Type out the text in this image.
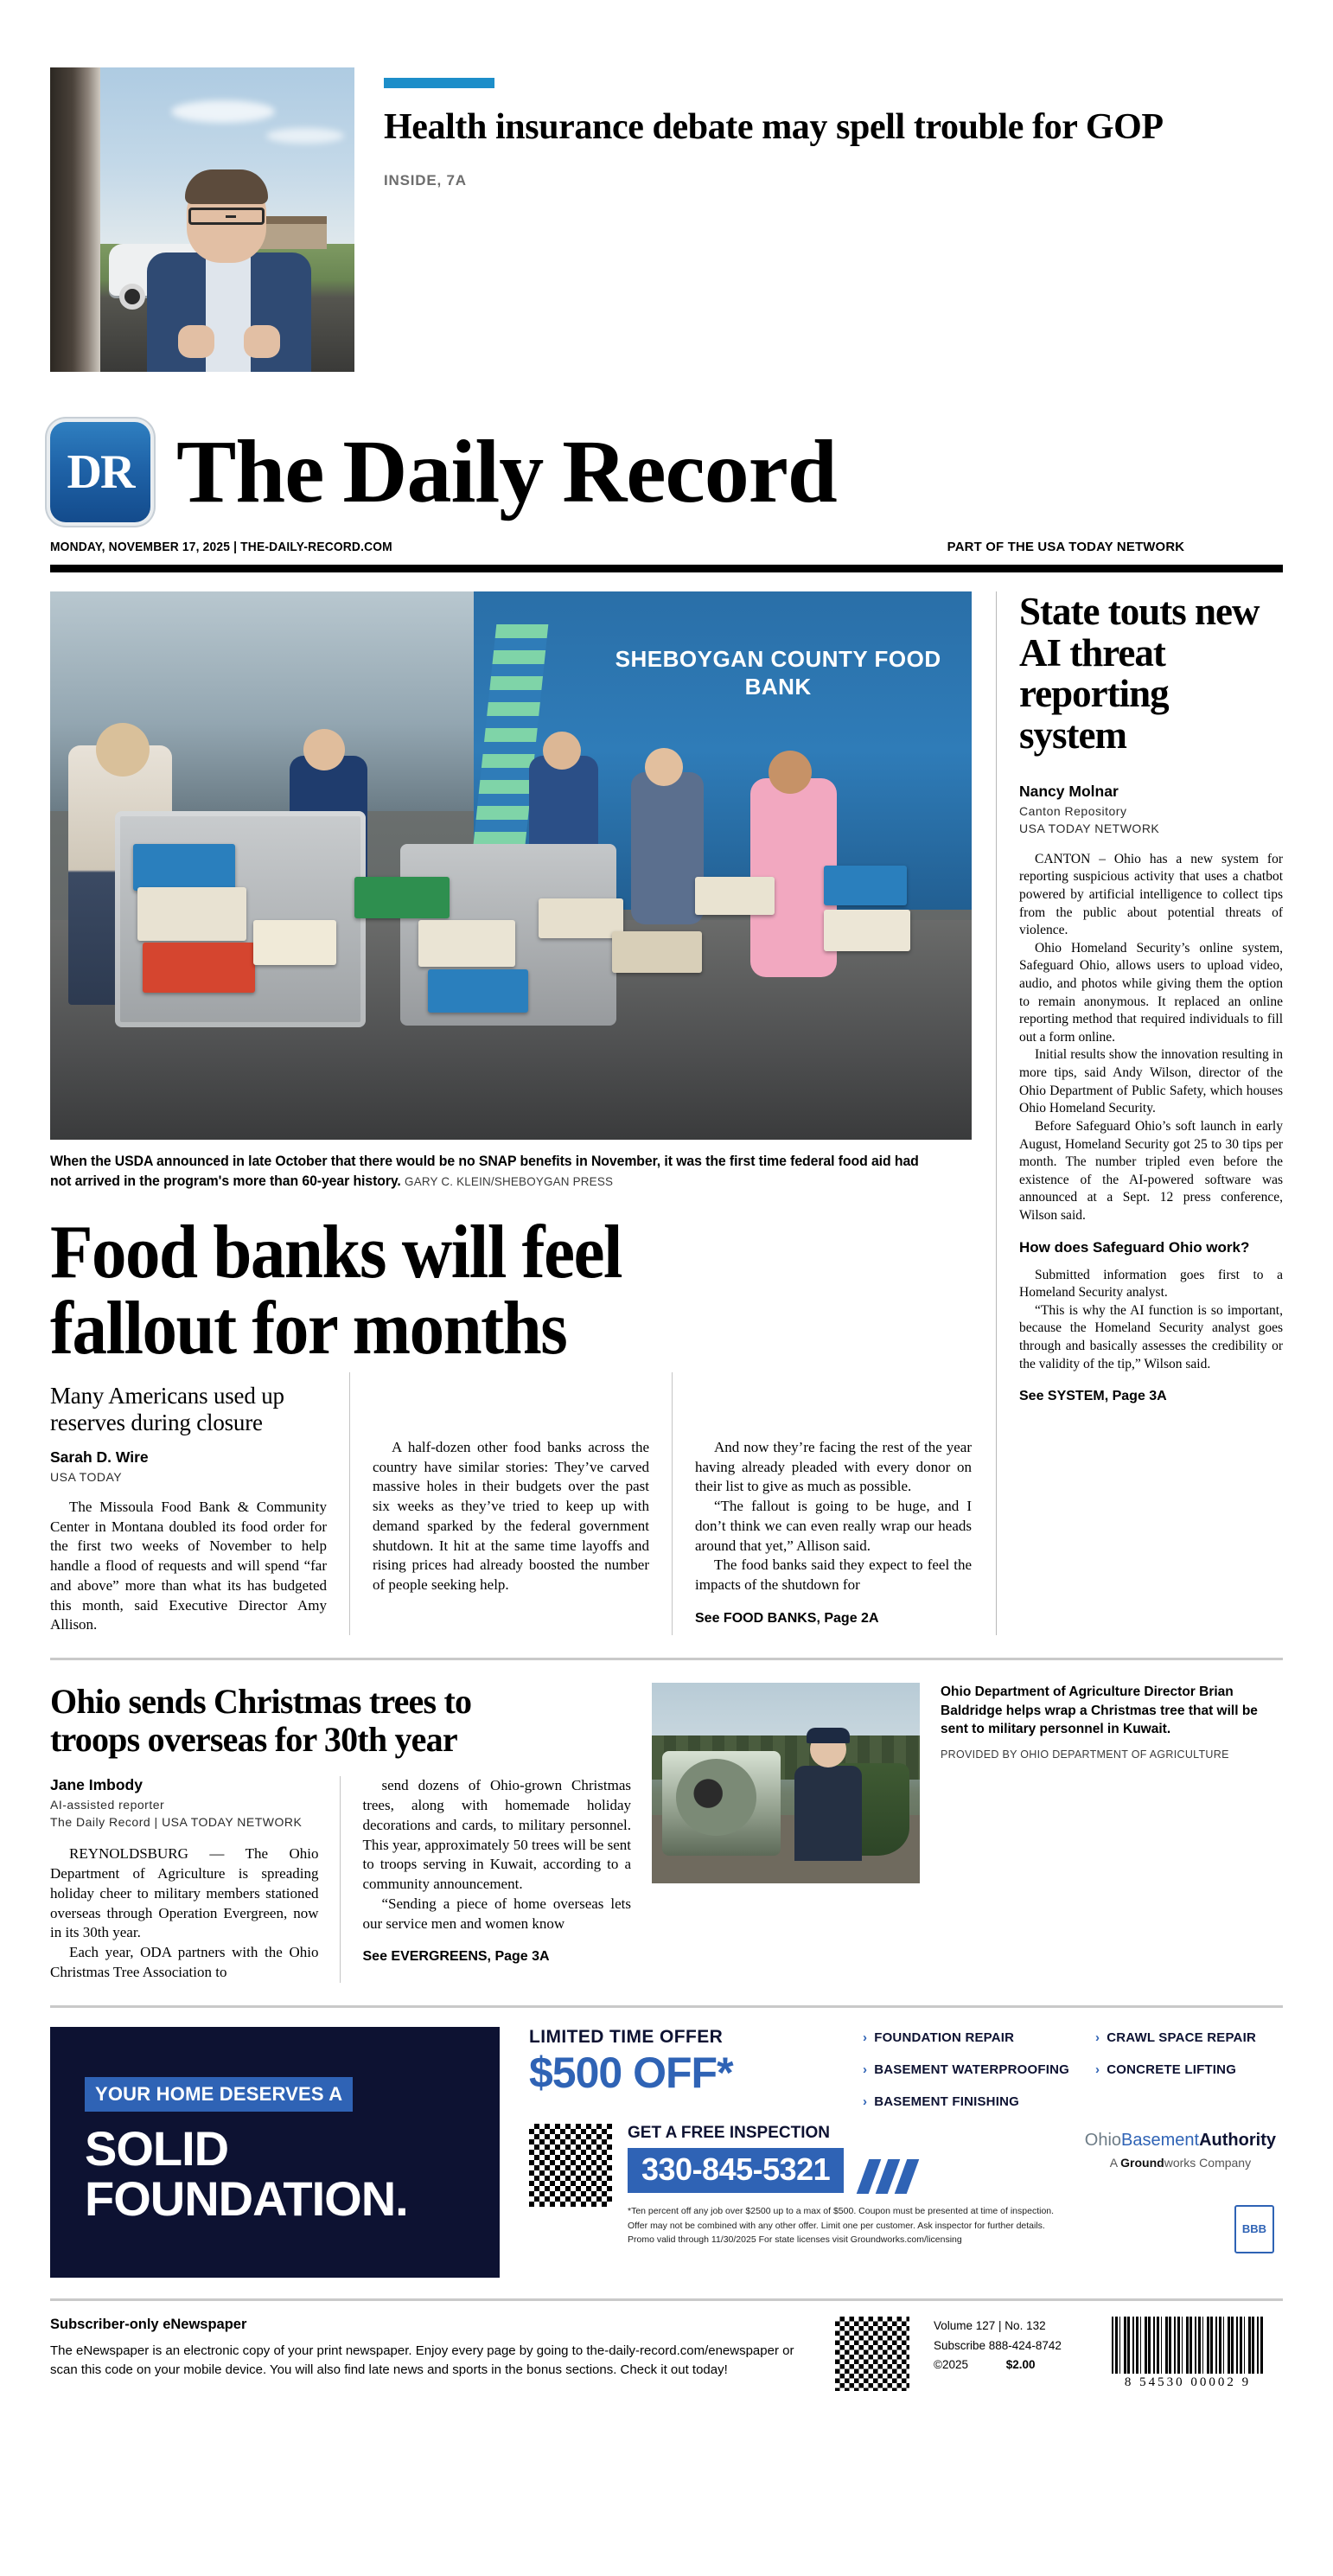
Health insurance debate may spell trouble for GOP
INSIDE, 7A
DR The Daily Record
MONDAY, NOVEMBER 17, 2025 | THE-DAILY-RECORD.COM	PART OF THE USA TODAY NETWORK
SHEBOYGAN COUNTY FOOD BANK
When the USDA announced in late October that there would be no SNAP benefits in November, it was the first time federal food aid had not arrived in the program's more than 60-year history. GARY C. KLEIN/SHEBOYGAN PRESS
Food banks will feel
fallout for months
Many Americans used up reserves during closure
Sarah D. Wire
USA TODAY

The Missoula Food Bank & Community Center in Montana doubled its food order for the first two weeks of November to help handle a flood of requests and will spend “far and above” more than what its has budgeted this month, said Executive Director Amy Allison.

A half-dozen other food banks across the country have similar stories: They’ve carved massive holes in their budgets over the past six weeks as they’ve tried to keep up with demand sparked by the federal government shutdown. It hit at the same time layoffs and rising prices had already boosted the number of people seeking help.

And now they’re facing the rest of the year having already pleaded with every donor on their list to give as much as possible.

“The fallout is going to be huge, and I don’t think we can even really wrap our heads around that yet,” Allison said.

The food banks said they expect to feel the impacts of the shutdown for

See FOOD BANKS, Page 2A
State touts new AI threat reporting system
Nancy Molnar
Canton Repository
USA TODAY NETWORK

CANTON – Ohio has a new system for reporting suspicious activity that uses a chatbot powered by artificial intelligence to collect tips from the public about potential threats of violence.

Ohio Homeland Security’s online system, Safeguard Ohio, allows users to upload video, audio, and photos while giving them the option to remain anonymous. It replaced an online reporting method that required individuals to fill out a form online.

Initial results show the innovation resulting in more tips, said Andy Wilson, director of the Ohio Department of Public Safety, which houses Ohio Homeland Security.

Before Safeguard Ohio’s soft launch in early August, Homeland Security got 25 to 30 tips per month. The number tripled even before the existence of the AI-powered software was announced at a Sept. 12 press conference, Wilson said.

How does Safeguard Ohio work?

Submitted information goes first to a Homeland Security analyst.

“This is why the AI function is so important, because the Homeland Security analyst goes through and basically assesses the credibility or the validity of the tip,” Wilson said.

See SYSTEM, Page 3A
Ohio sends Christmas trees to
troops overseas for 30th year
Jane Imbody
AI-assisted reporter
The Daily Record | USA TODAY NETWORK

REYNOLDSBURG — The Ohio Department of Agriculture is spreading holiday cheer to military members stationed overseas through Operation Evergreen, now in its 30th year.

Each year, ODA partners with the Ohio Christmas Tree Association to

send dozens of Ohio-grown Christmas trees, along with homemade holiday decorations and cards, to military personnel. This year, approximately 50 trees will be sent to troops serving in Kuwait, according to a community announcement.

“Sending a piece of home overseas lets our service men and women know

See EVERGREENS, Page 3A
Ohio Department of Agriculture Director Brian Baldridge helps wrap a Christmas tree that will be sent to military personnel in Kuwait.
PROVIDED BY OHIO DEPARTMENT OF AGRICULTURE
YOUR HOME DESERVES A
SOLID
FOUNDATION.
LIMITED TIME OFFER
$500 OFF*
› FOUNDATION REPAIR
› BASEMENT WATERPROOFING
› BASEMENT FINISHING
› CRAWL SPACE REPAIR
› CONCRETE LIFTING
GET A FREE INSPECTION
330-845-5321
*Ten percent off any job over $2500 up to a max of $500. Coupon must be presented at time of inspection.
Offer may not be combined with any other offer. Limit one per customer. Ask inspector for further details.
Promo valid through 11/30/2025 For state licenses visit Groundworks.com/licensing
OhioBasementAuthority
A Groundworks Company
BBB
Subscriber-only eNewspaper
The eNewspaper is an electronic copy of your print newspaper. Enjoy every page by going to the-daily-record.com/enewspaper or scan this code on your mobile device. You will also find late news and sports in the bonus sections. Check it out today!
Volume 127 | No. 132
Subscribe 888-424-8742
©2025	$2.00
8 54530 00002 9
